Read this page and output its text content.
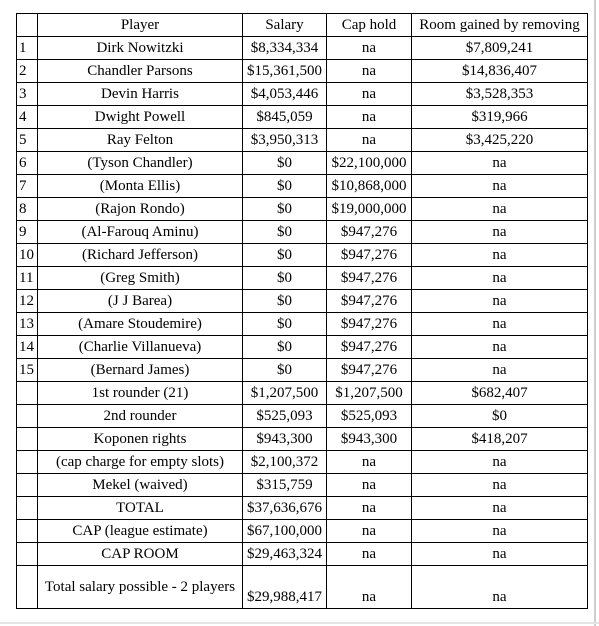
	Player	Salary	Cap hold	Room gained by removing
1	Dirk Nowitzki	$8,334,334	na	$7,809,241
2	Chandler Parsons	$15,361,500	na	$14,836,407
3	Devin Harris	$4,053,446	na	$3,528,353
4	Dwight Powell	$845,059	na	$319,966
5	Ray Felton	$3,950,313	na	$3,425,220
6	(Tyson Chandler)	$0	$22,100,000	na
7	(Monta Ellis)	$0	$10,868,000	na
8	(Rajon Rondo)	$0	$19,000,000	na
9	(Al-Farouq Aminu)	$0	$947,276	na
10	(Richard Jefferson)	$0	$947,276	na
11	(Greg Smith)	$0	$947,276	na
12	(J J Barea)	$0	$947,276	na
13	(Amare Stoudemire)	$0	$947,276	na
14	(Charlie Villanueva)	$0	$947,276	na
15	(Bernard James)	$0	$947,276	na
	1st rounder (21)	$1,207,500	$1,207,500	$682,407
	2nd rounder	$525,093	$525,093	$0
	Koponen rights	$943,300	$943,300	$418,207
	(cap charge for empty slots)	$2,100,372	na	na
	Mekel (waived)	$315,759	na	na
	TOTAL	$37,636,676	na	na
	CAP (league estimate)	$67,100,000	na	na
	CAP ROOM	$29,463,324	na	na
	Total salary possible - 2 players	$29,988,417	na	na
